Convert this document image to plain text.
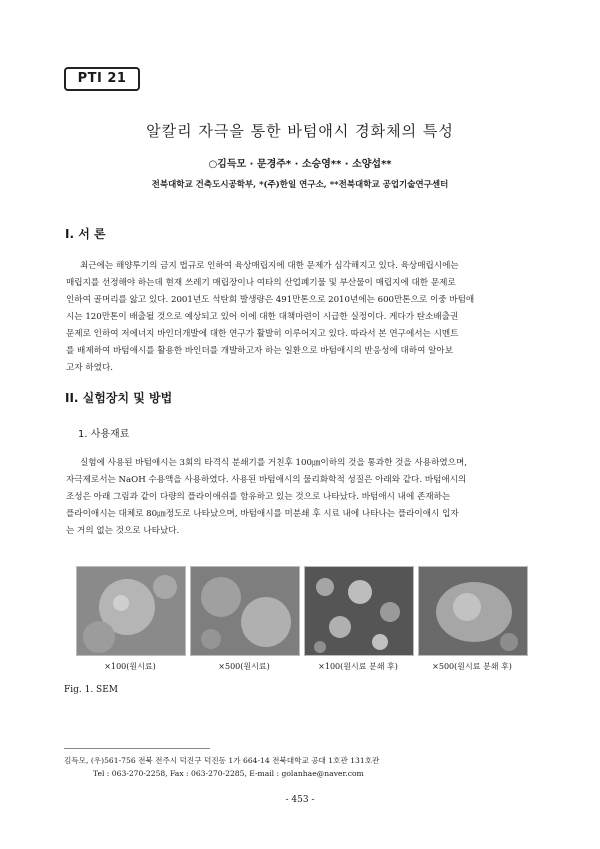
PTI 21
알칼리 자극을 통한 바텀애시 경화체의 특성
○김득모 · 문경주* · 소승영** · 소양섭**
전북대학교 건축도시공학부, *(주)한일 연구소, **전북대학교 공업기술연구센터
I. 서 론
최근에는 해양투기의 금지 법규로 인하여 육상매립지에 대한 문제가 심각해지고 있다. 육상매립시에는
매립지를 선정해야 하는데 현재 쓰레기 매립장이나 여타의 산업폐기물 및 부산물이 매립지에 대한 문제로
인하여 골머리를 앓고 있다. 2001년도 석탄회 발생량은 491만톤으로 2010년에는 600만톤으로 이중 바텀애
시는 120만톤이 배출될 것으로 예상되고 있어 이에 대한 대책마련이 시급한 실정이다. 게다가 탄소배출권
문제로 인하여 저에너지 바인더개발에 대한 연구가 활발히 이루어지고 있다. 따라서 본 연구에서는 시멘트
를 배제하여 바텀애시를 활용한 바인더를 개발하고자 하는 일환으로 바텀애시의 반응성에 대하여 알아보
고자 하였다.
II. 실험장치 및 방법
1. 사용재료
실험에 사용된 바텀애시는 3회의 타격식 분쇄기를 거친후 100㎛이하의 것을 통과한 것을 사용하였으며,
자극제로서는 NaOH 수용액을 사용하였다. 사용된 바텀애시의 물리화학적 성질은 아래와 같다. 바텀애시의
조성은 아래 그림과 같이 다량의 플라이애쉬를 함유하고 있는 것으로 나타났다. 바텀애시 내에 존재하는
플라이애시는 대체로 80㎛정도로 나타났으며, 바텀애시를 미분쇄 후 시료 내에 나타나는 플라이애시 입자
는 거의 없는 것으로 나타났다.
×100(원시료)	×500(원시료)	×100(원시료 분쇄 후)	×500(원시료 분쇄 후)
Fig. 1. SEM
김득모, (우)561-756 전북 전주시 덕진구 덕진동 1가 664-14 전북대학교 공대 1호관 131호관
Tel : 063-270-2258, Fax : 063-270-2285, E-mail : golanhae@naver.com
- 453 -
